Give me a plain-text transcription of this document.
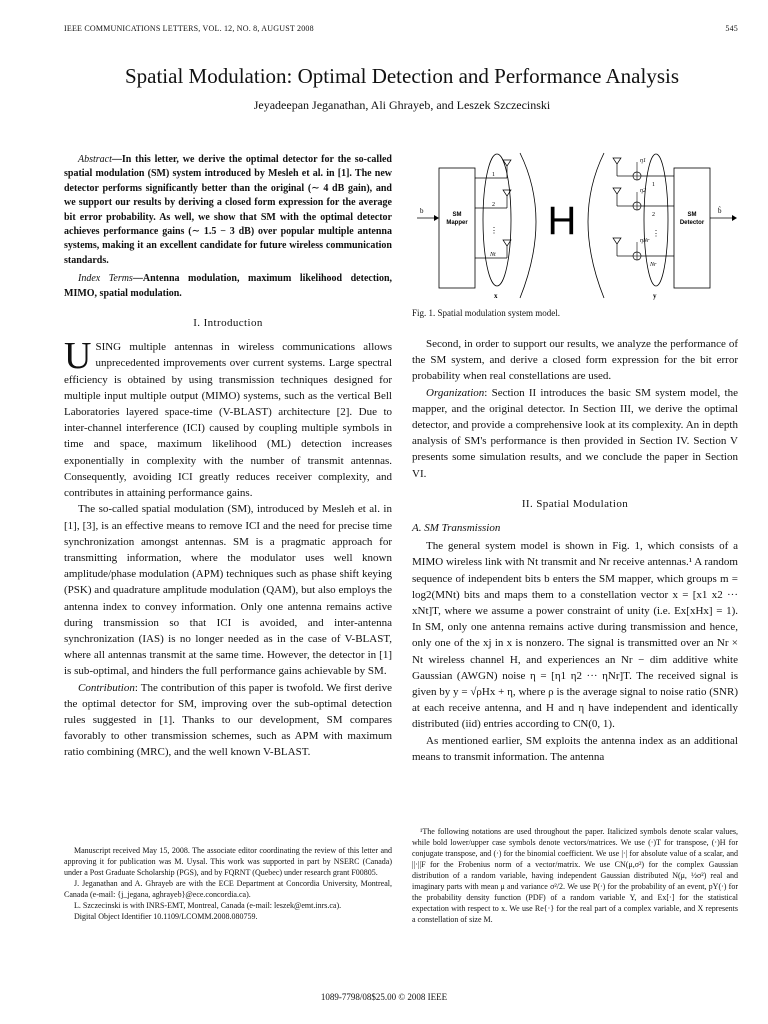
IEEE COMMUNICATIONS LETTERS, VOL. 12, NO. 8, AUGUST 2008	545
Spatial Modulation: Optimal Detection and Performance Analysis
Jeyadeepan Jeganathan, Ali Ghrayeb, and Leszek Szczecinski
Abstract—In this letter, we derive the optimal detector for the so-called spatial modulation (SM) system introduced by Mesleh et al. in [1]. The new detector performs significantly better than the original (∼ 4 dB gain), and we support our results by deriving a closed form expression for the average bit error probability. As well, we show that SM with the optimal detector achieves performance gains (∼ 1.5 − 3 dB) over popular multiple antenna systems, making it an excellent candidate for future wireless communication standards.
Index Terms—Antenna modulation, maximum likelihood detection, MIMO, spatial modulation.
I. Introduction

USING multiple antennas in wireless communications allows unprecedented improvements over current systems. Large spectral efficiency is obtained by using transmission techniques designed for multiple input multiple output (MIMO) systems, such as the vertical Bell Laboratories layered space-time (V-BLAST) architecture [2]. Due to inter-channel interference (ICI) caused by coupling multiple symbols in time and space, maximum likelihood (ML) detection increases exponentially in complexity with the number of transmit antennas. Consequently, avoiding ICI greatly reduces receiver complexity, and contributes in attaining performance gains.

The so-called spatial modulation (SM), introduced by Mesleh et al. in [1], [3], is an effective means to remove ICI and the need for precise time synchronization amongst antennas. SM is a pragmatic approach for transmitting information, where the modulator uses well known amplitude/phase modulation (APM) techniques such as phase shift keying (PSK) and quadrature amplitude modulation (QAM), but also employs the antenna index to convey information. Only one antenna remains active during transmission so that ICI is avoided, and inter-antenna synchronization (IAS) is no longer needed as in the case of V-BLAST, where all antennas transmit at the same time. However, the detector in [1] is sub-optimal, and hinders the full performance gains achievable by SM.

Contribution: The contribution of this paper is twofold. We first derive the optimal detector for SM, improving over the sub-optimal detection rules suggested in [1]. Thanks to our development, SM compares favorably to other transmission schemes, such as APM with maximum ratio combining (MRC), and the well known V-BLAST.

b	SM
Mapper
1
2
Nt
⋮
x
H
η1
η2
ηNr
1
2
Nr
⋮
y
SM
Detector
b̂
Fig. 1. Spatial modulation system model.

Second, in order to support our results, we analyze the performance of the SM system, and derive a closed form expression for the bit error probability when real constellations are used.

Organization: Section II introduces the basic SM system model, the mapper, and the original detector. In Section III, we derive the optimal detector, and provide a comprehensive look at its complexity. An in depth analysis of SM's performance is then provided in Section IV. Section V presents some simulation results, and we conclude the paper in Section VI.

II. Spatial Modulation
A. SM Transmission

The general system model is shown in Fig. 1, which consists of a MIMO wireless link with Nt transmit and Nr receive antennas.¹ A random sequence of independent bits b enters the SM mapper, which groups m = log2(MNt) bits and maps them to a constellation vector x = [x1 x2 ··· xNt]T, where we assume a power constraint of unity (i.e. Ex[xHx] = 1). In SM, only one antenna remains active during transmission and hence, only one of the xj in x is nonzero. The signal is transmitted over an Nr × Nt wireless channel H, and experiences an Nr − dim additive white Gaussian (AWGN) noise η = [η1 η2 ··· ηNr]T. The received signal is given by y = √ρHx + η, where ρ is the average signal to noise ratio (SNR) at each receive antenna, and H and η have independent and identically distributed (iid) entries according to CN(0, 1).

As mentioned earlier, SM exploits the antenna index as an additional means to transmit information. The antenna

Manuscript received May 15, 2008. The associate editor coordinating the review of this letter and approving it for publication was M. Uysal. This work was supported in part by NSERC (Canada) under a Post Graduate Scholarship (PGS), and by FQRNT (Quebec) under research grant F00805.

J. Jeganathan and A. Ghrayeb are with the ECE Department at Concordia University, Montreal, Canada (e-mail: {j_jegana, aghrayeb}@ece.concordia.ca).

L. Szczecinski is with INRS-EMT, Montreal, Canada (e-mail: leszek@emt.inrs.ca).

Digital Object Identifier 10.1109/LCOMM.2008.080759.

¹The following notations are used throughout the paper. Italicized symbols denote scalar values, while bold lower/upper case symbols denote vectors/matrices. We use (·)T for transpose, (·)H for conjugate transpose, and (·) for the binomial coefficient. We use |·| for absolute value of a scalar, and ||·||F for the Frobenius norm of a vector/matrix. We use CN(μ,σ²) for the complex Gaussian distribution of a random variable, having independent Gaussian distributed N(μ, ½σ²) real and imaginary parts with mean μ and variance σ²/2. We use P(·) for the probability of an event, pY(·) for the probability density function (PDF) of a random variable Y, and Ex[·] for the statistical expectation with respect to x. We use Re{·} for the real part of a complex variable, and X represents a constellation of size M.

1089-7798/08$25.00 © 2008 IEEE
